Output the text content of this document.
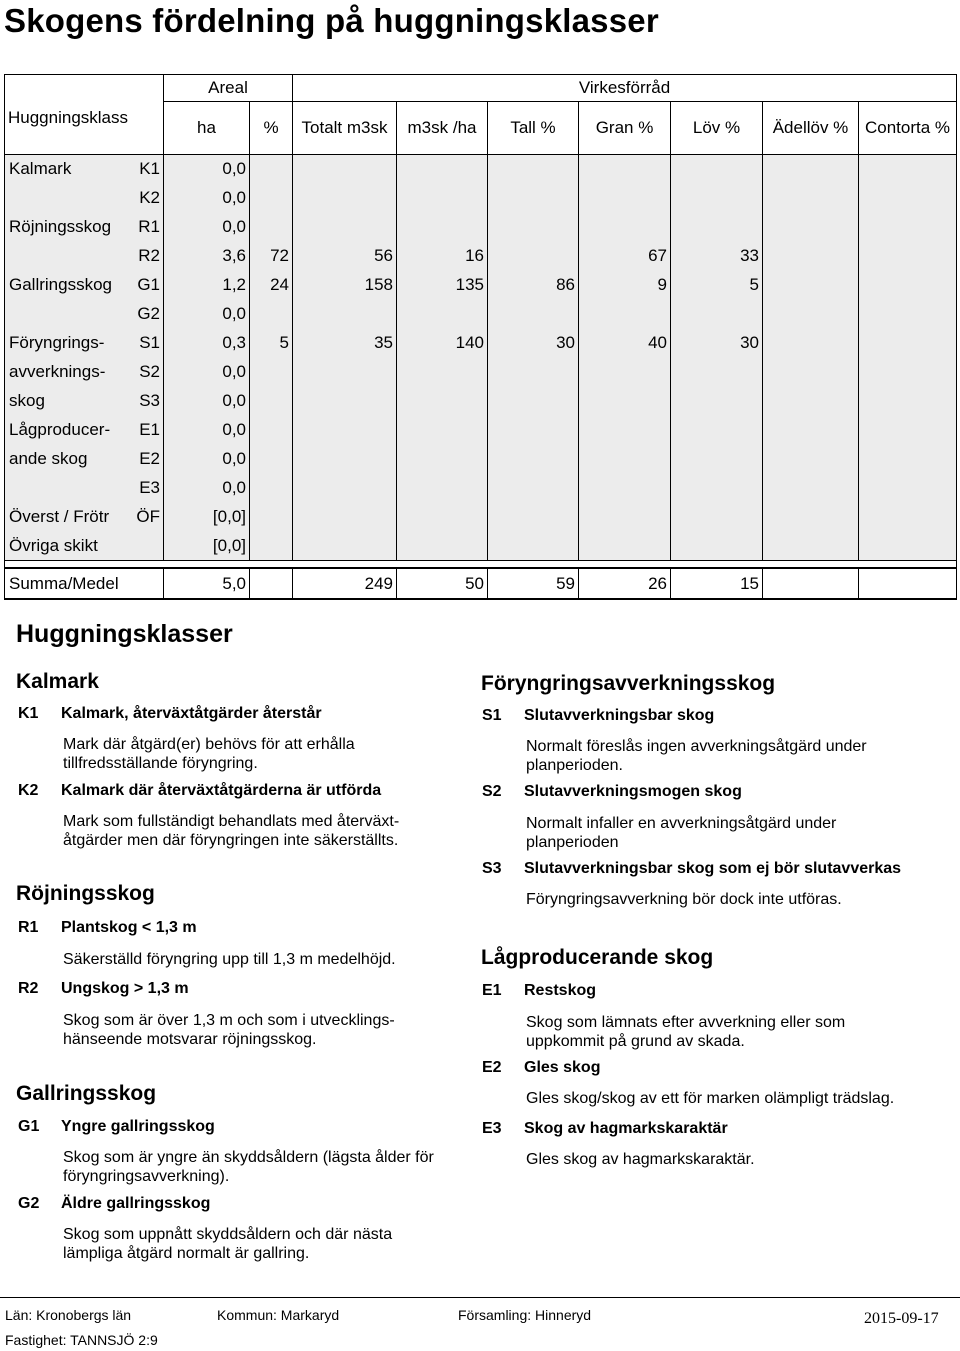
Skogens fördelning på huggningsklasser
Huggningsklass		Areal		Virkesförråd						
		ha	%	Totalt m3sk	m3sk /ha	Tall %	Gran %	Löv %	Ädellöv %	Contorta %
Kalmark	K1	0,0								
	K2	0,0								
Röjningsskog	R1	0,0								
	R2	3,6	72	56	16		67	33		
Gallringsskog	G1	1,2	24	158	135	86	9	5		
	G2	0,0								
Föryngrings-	S1	0,3	5	35	140	30	40	30		
avverknings-	S2	0,0								
skog	S3	0,0								
Lågproducer-	E1	0,0								
ande skog	E2	0,0								
	E3	0,0								
Överst / Frötr	ÖF	[0,0]								
Övriga skikt		[0,0]								

Summa/Medel		5,0		249	50	59	26	15		
Huggningsklasser
Kalmark
K1 Kalmark, återväxtåtgärder återstår
Mark där åtgärd(er) behövs för att erhålla tillfredsställande föryngring.
K2 Kalmark där återväxtåtgärderna är utförda
Mark som fullständigt behandlats med återväxt- åtgärder men där föryngringen inte säkerställts.
Röjningsskog
R1 Plantskog < 1,3 m
Säkerställd föryngring upp till 1,3 m medelhöjd.
R2 Ungskog > 1,3 m
Skog som är över 1,3 m och som i utvecklings- hänseende motsvarar röjningsskog.
Gallringsskog
G1 Yngre gallringsskog
Skog som är yngre än skyddsåldern (lägsta ålder för föryngringsavverkning).
G2 Äldre gallringsskog
Skog som uppnått skyddsåldern och där nästa lämpliga åtgärd normalt är gallring.
Föryngringsavverkningsskog
S1 Slutavverkningsbar skog
Normalt föreslås ingen avverkningsåtgärd under planperioden.
S2 Slutavverkningsmogen skog
Normalt infaller en avverkningsåtgärd under planperioden
S3 Slutavverkningsbar skog som ej bör slutavverkas
Föryngringsavverkning bör dock inte utföras.
Lågproducerande skog
E1 Restskog
Skog som lämnats efter avverkning eller som uppkommit på grund av skada.
E2 Gles skog
Gles skog/skog av ett för marken olämpligt trädslag.
E3 Skog av hagmarkskaraktär
Gles skog av hagmarkskaraktär.
Län: Kronobergs län	Kommun: Markaryd	Församling: Hinneryd	2015-09-17
Fastighet: TANNSJÖ 2:9
